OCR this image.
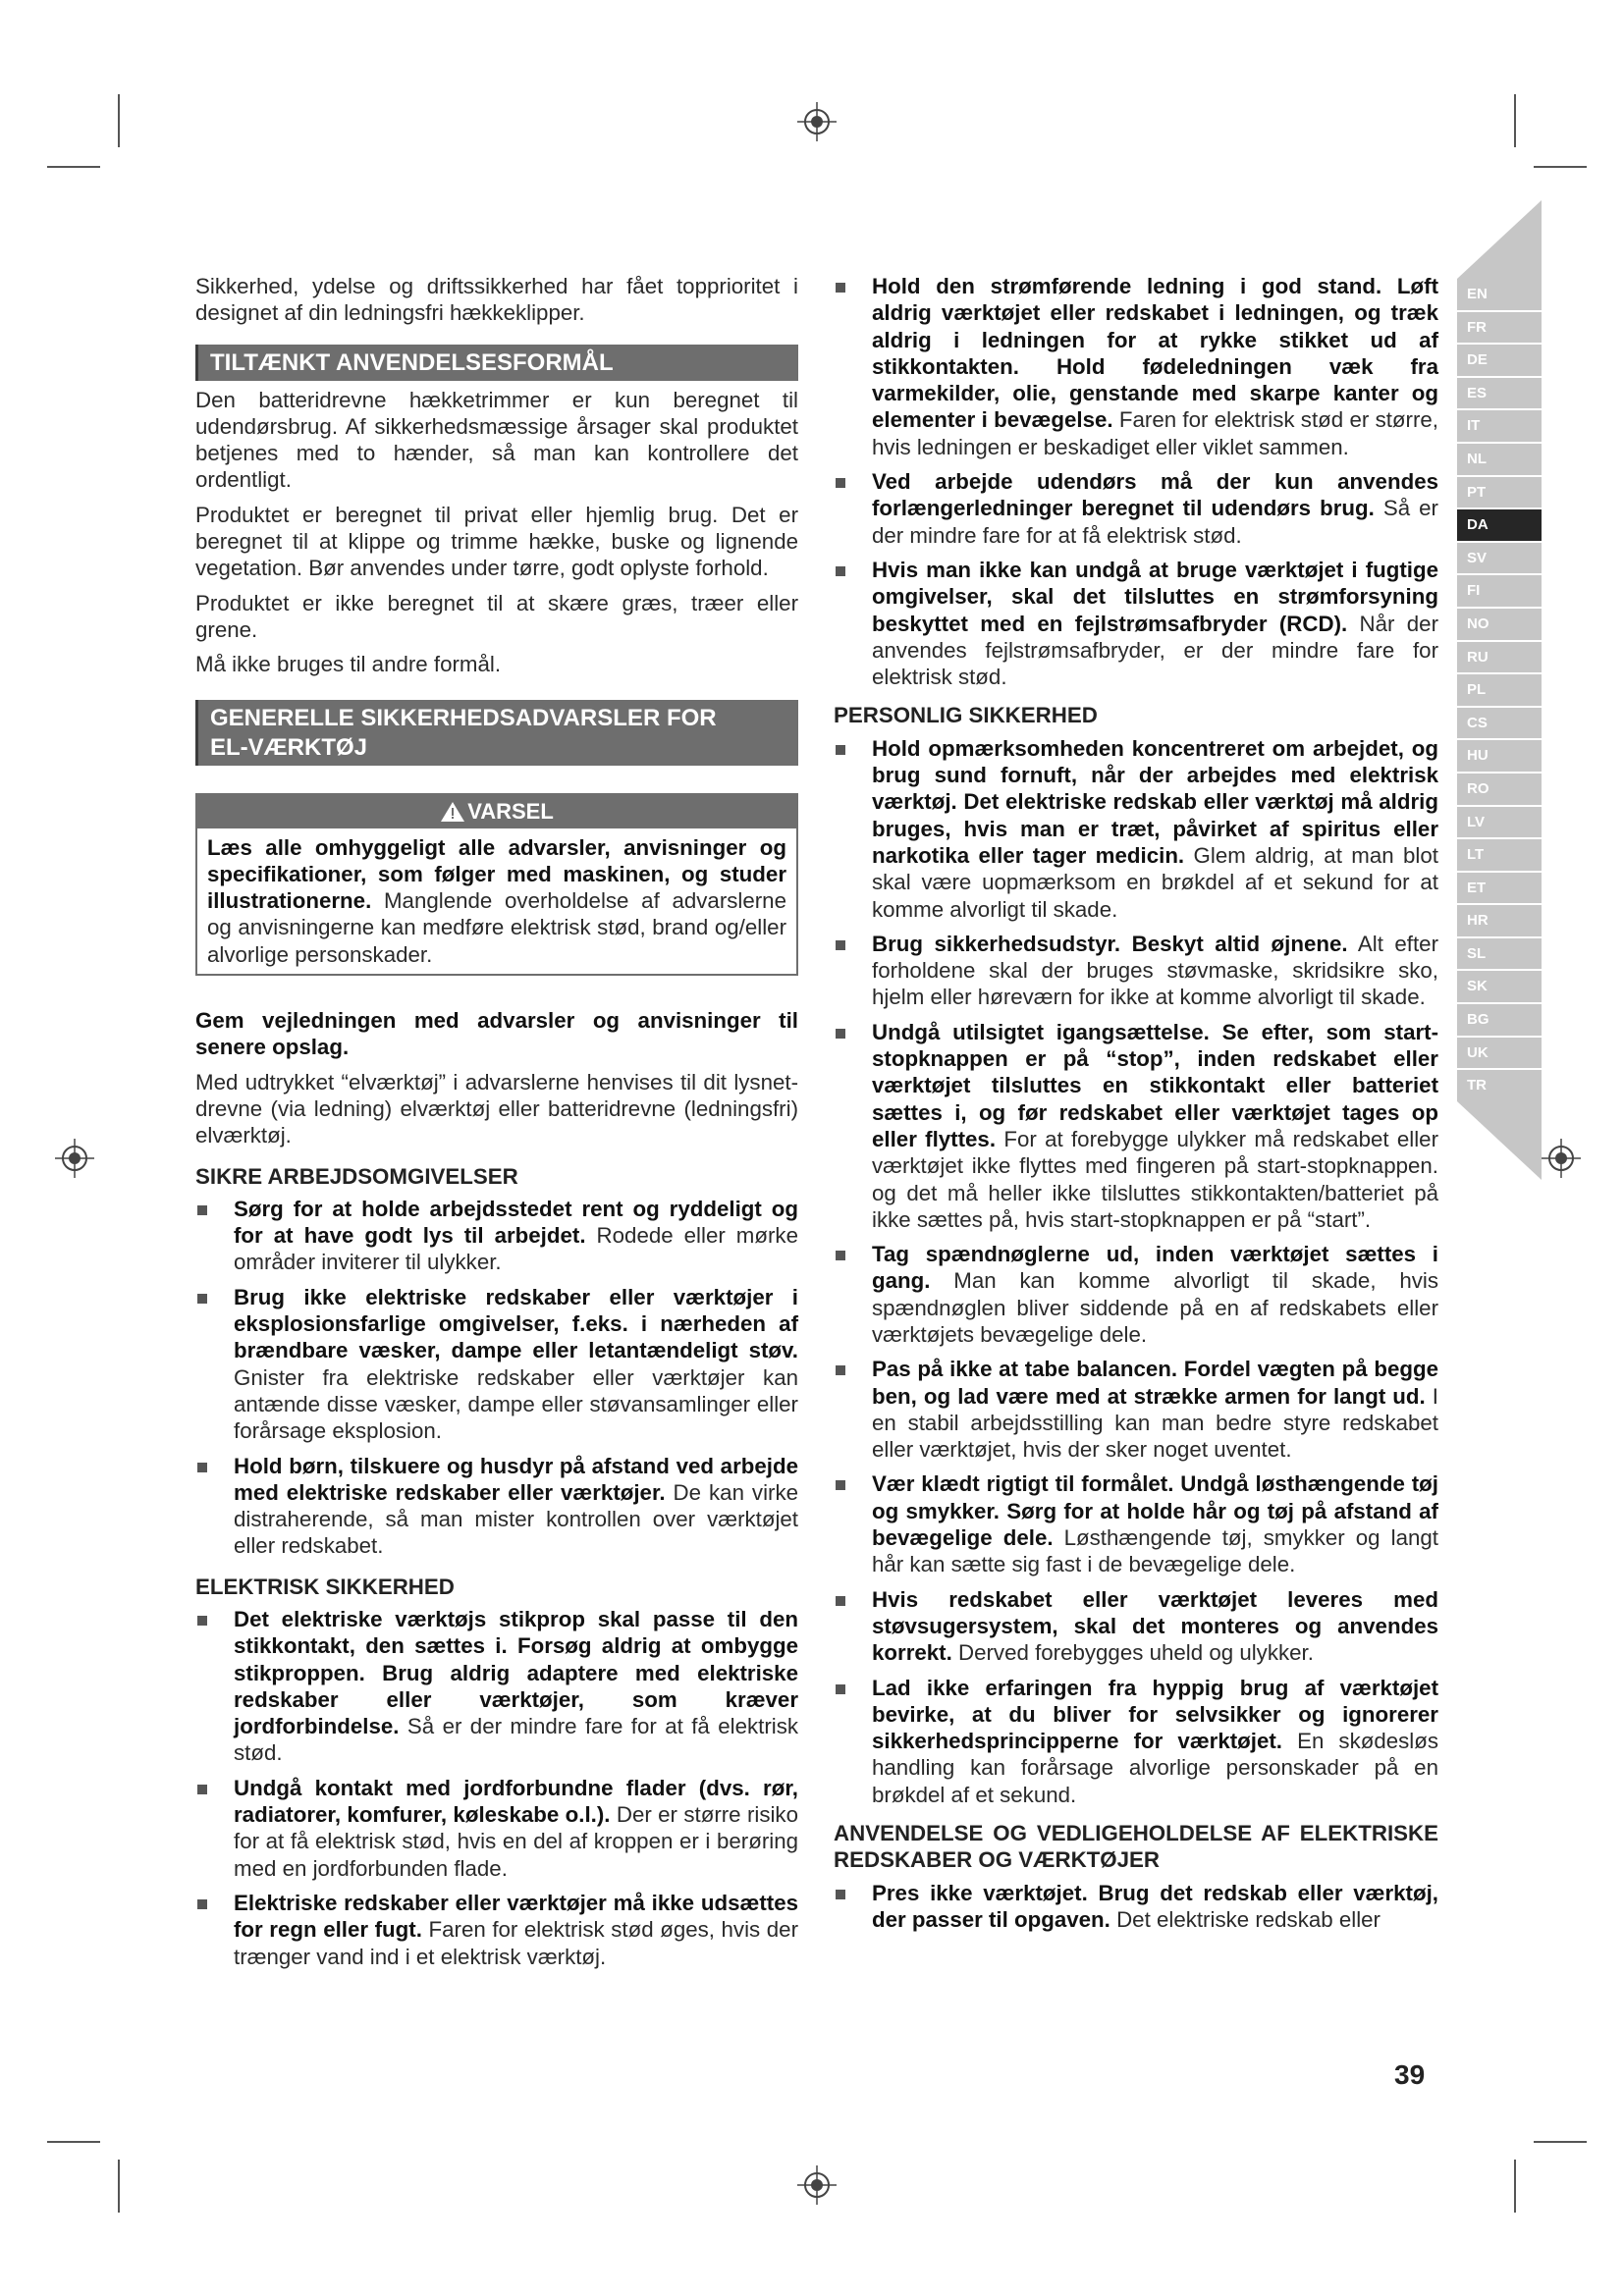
Sikkerhed, ydelse og driftssikkerhed har fået topprioritet i designet af din ledningsfri hækkeklipper.

TILTÆNKT ANVENDELSESFORMÅL

Den batteridrevne hækketrimmer er kun beregnet til udendørsbrug. Af sikkerhedsmæssige årsager skal produktet betjenes med to hænder, så man kan kontrollere det ordentligt.

Produktet er beregnet til privat eller hjemlig brug. Det er beregnet til at klippe og trimme hække, buske og lignende vegetation. Bør anvendes under tørre, godt oplyste forhold.

Produktet er ikke beregnet til at skære græs, træer eller grene.

Må ikke bruges til andre formål.

GENERELLE SIKKERHEDSADVARSLER FOR
EL-VÆRKTØJ
VARSEL

Læs alle omhyggeligt alle advarsler, anvisninger og specifikationer, som følger med maskinen, og studer illustrationerne. Manglende overholdelse af advarslerne og anvisningerne kan medføre elektrisk stød, brand og/eller alvorlige personskader.

Gem vejledningen med advarsler og anvisninger til senere opslag.

Med udtrykket “elværktøj” i advarslerne henvises til dit lysnet-drevne (via ledning) elværktøj eller batteridrevne (ledningsfri) elværktøj.

SIKRE ARBEJDSOMGIVELSER
Sørg for at holde arbejdsstedet rent og ryddeligt og for at have godt lys til arbejdet. Rodede eller mørke områder inviterer til ulykker.
Brug ikke elektriske redskaber eller værktøjer i eksplosionsfarlige omgivelser, f.eks. i nærheden af brændbare væsker, dampe eller letantændeligt støv. Gnister fra elektriske redskaber eller værktøjer kan antænde disse væsker, dampe eller støvansamlinger eller forårsage eksplosion.
Hold børn, tilskuere og husdyr på afstand ved arbejde med elektriske redskaber eller værktøjer. De kan virke distraherende, så man mister kontrollen over værktøjet eller redskabet.
ELEKTRISK SIKKERHED
Det elektriske værktøjs stikprop skal passe til den stikkontakt, den sættes i. Forsøg aldrig at ombygge stikproppen. Brug aldrig adaptere med elektriske redskaber eller værktøjer, som kræver jordforbindelse. Så er der mindre fare for at få elektrisk stød.
Undgå kontakt med jordforbundne flader (dvs. rør, radiatorer, komfurer, køleskabe o.l.). Der er større risiko for at få elektrisk stød, hvis en del af kroppen er i berøring med en jordforbunden flade.
Elektriske redskaber eller værktøjer må ikke udsættes for regn eller fugt. Faren for elektrisk stød øges, hvis der trænger vand ind i et elektrisk værktøj.
Hold den strømførende ledning i god stand. Løft aldrig værktøjet eller redskabet i ledningen, og træk aldrig i ledningen for at rykke stikket ud af stikkontakten. Hold fødeledningen væk fra varmekilder, olie, genstande med skarpe kanter og elementer i bevægelse. Faren for elektrisk stød er større, hvis ledningen er beskadiget eller viklet sammen.
Ved arbejde udendørs må der kun anvendes forlængerledninger beregnet til udendørs brug. Så er der mindre fare for at få elektrisk stød.
Hvis man ikke kan undgå at bruge værktøjet i fugtige omgivelser, skal det tilsluttes en strømforsyning beskyttet med en fejlstrømsafbryder (RCD). Når der anvendes fejlstrømsafbryder, er der mindre fare for elektrisk stød.
PERSONLIG SIKKERHED
Hold opmærksomheden koncentreret om arbejdet, og brug sund fornuft, når der arbejdes med elektrisk værktøj. Det elektriske redskab eller værktøj må aldrig bruges, hvis man er træt, påvirket af spiritus eller narkotika eller tager medicin. Glem aldrig, at man blot skal være uopmærksom en brøkdel af et sekund for at komme alvorligt til skade.
Brug sikkerhedsudstyr. Beskyt altid øjnene. Alt efter forholdene skal der bruges støvmaske, skridsikre sko, hjelm eller høreværn for ikke at komme alvorligt til skade.
Undgå utilsigtet igangsættelse. Se efter, som start-stopknappen er på “stop”, inden redskabet eller værktøjet tilsluttes en stikkontakt eller batteriet sættes i, og før redskabet eller værktøjet tages op eller flyttes. For at forebygge ulykker må redskabet eller værktøjet ikke flyttes med fingeren på start-stopknappen. og det må heller ikke tilsluttes stikkontakten/batteriet på ikke sættes på, hvis start-stopknappen er på “start”.
Tag spændnøglerne ud, inden værktøjet sættes i gang. Man kan komme alvorligt til skade, hvis spændnøglen bliver siddende på en af redskabets eller værktøjets bevægelige dele.
Pas på ikke at tabe balancen. Fordel vægten på begge ben, og lad være med at strække armen for langt ud. I en stabil arbejdsstilling kan man bedre styre redskabet eller værktøjet, hvis der sker noget uventet.
Vær klædt rigtigt til formålet. Undgå løsthængende tøj og smykker. Sørg for at holde hår og tøj på afstand af bevægelige dele. Løsthængende tøj, smykker og langt hår kan sætte sig fast i de bevægelige dele.
Hvis redskabet eller værktøjet leveres med støvsugersystem, skal det monteres og anvendes korrekt. Derved forebygges uheld og ulykker.
Lad ikke erfaringen fra hyppig brug af værktøjet bevirke, at du bliver for selvsikker og ignorerer sikkerhedsprincipperne for værktøjet. En skødesløs handling kan forårsage alvorlige personskader på en brøkdel af et sekund.
ANVENDELSE OG VEDLIGEHOLDELSE AF ELEKTRISKE REDSKABER OG VÆRKTØJER
Pres ikke værktøjet. Brug det redskab eller værktøj, der passer til opgaven. Det elektriske redskab eller
39
EN
FR
DE
ES
IT
NL
PT
DA
SV
FI
NO
RU
PL
CS
HU
RO
LV
LT
ET
HR
SL
SK
BG
UK
TR
